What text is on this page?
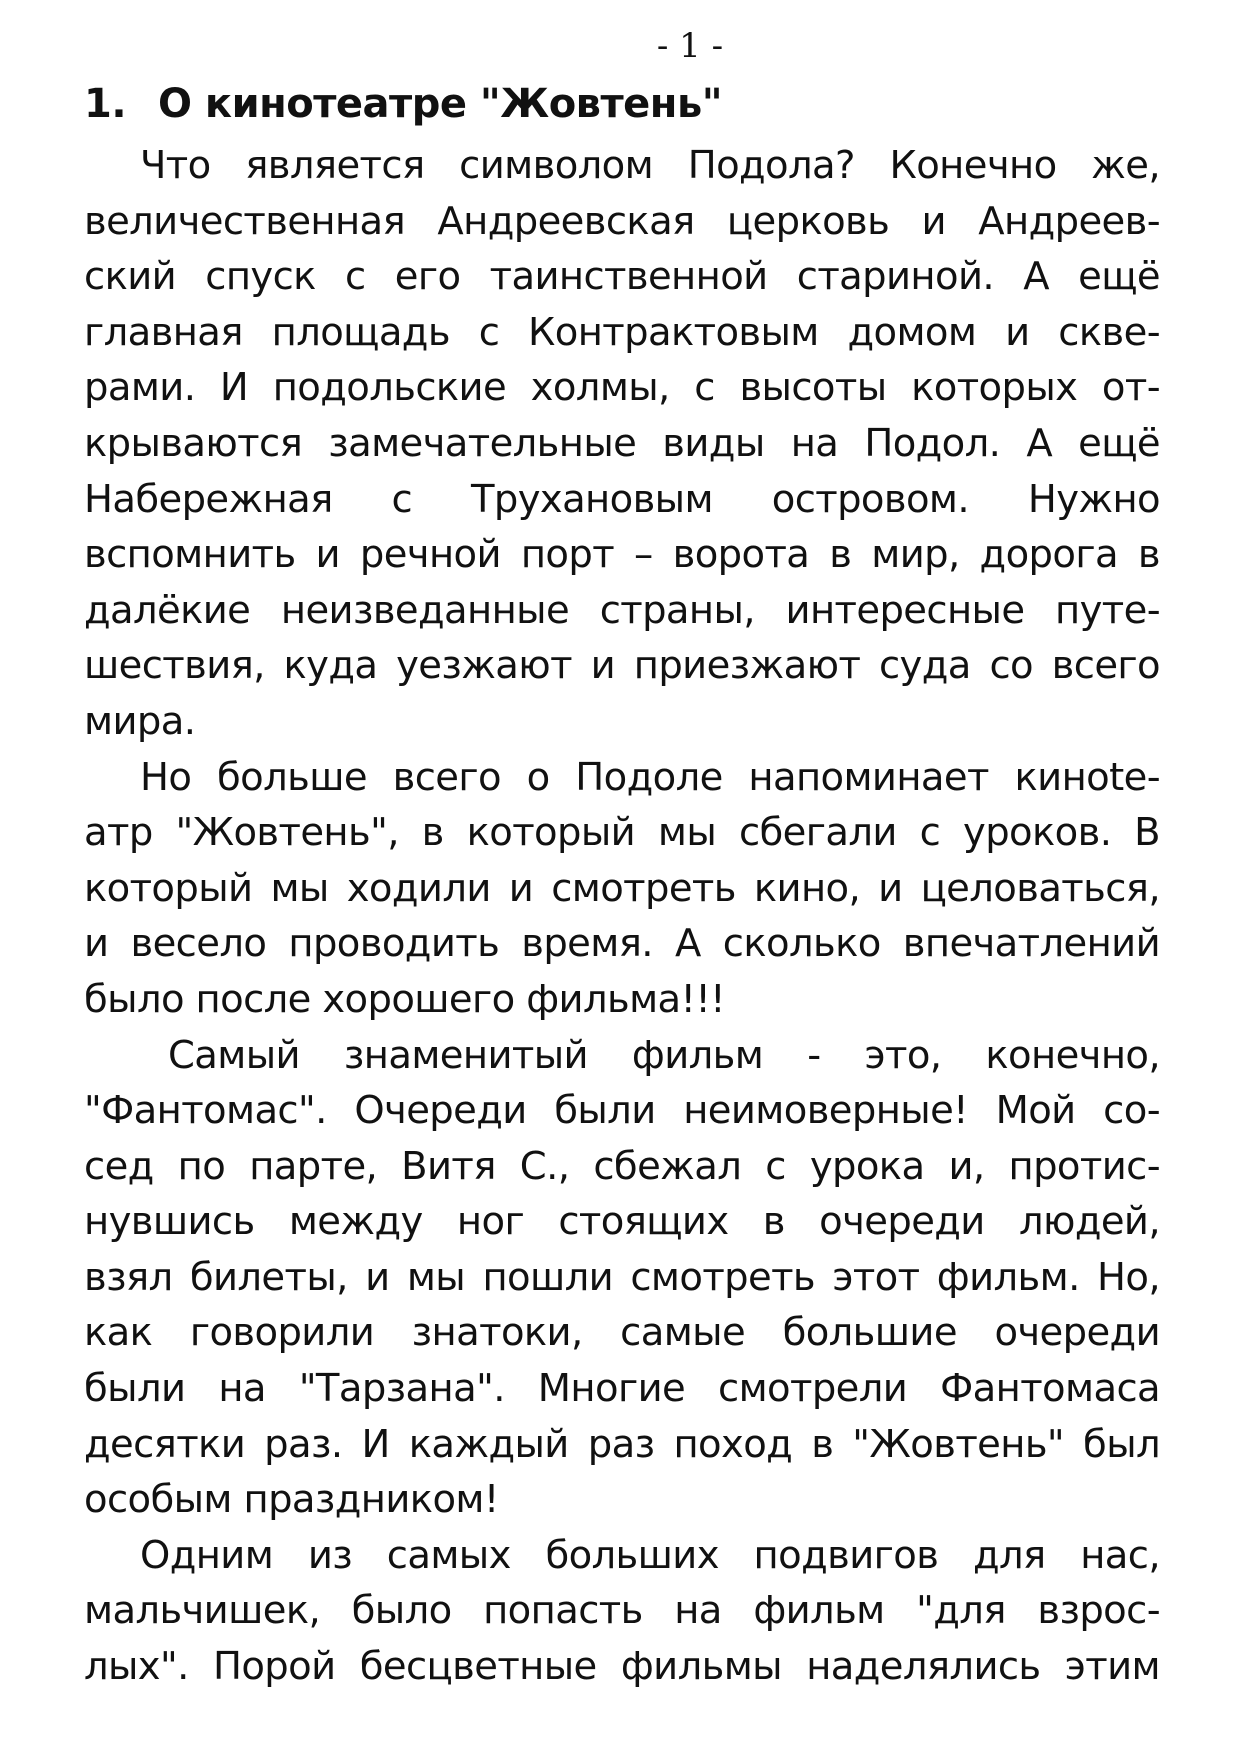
- 1 -
1. О кинотеатре "Жовтень"

Что является символом Подола? Конечно же,
величественная Андреевская церковь и Андреев-
ский спуск с его таинственной стариной. А ещё
главная площадь с Контрактовым домом и скве-
рами. И подольские холмы, с высоты которых от-
крываются замечательные виды на Подол. А ещё
Набережная с Трухановым островом. Нужно
вспомнить и речной порт – ворота в мир, дорога в
далёкие неизведанные страны, интересные путе-
шествия, куда уезжают и приезжают суда со всего
мира.

Но больше всего о Подоле напоминает кинote-
атр "Жовтень", в который мы сбегали с уроков. В
который мы ходили и смотреть кино, и целоваться,
и весело проводить время. А сколько впечатлений
было после хорошего фильма!!!

Самый знаменитый фильм - это, конечно,
"Фантомас". Очереди были неимоверные! Мой со-
сед по парте, Витя С., сбежал с урока и, протис-
нувшись между ног стоящих в очереди людей,
взял билеты, и мы пошли смотреть этот фильм. Но,
как говорили знатоки, самые большие очереди
были на "Тарзана". Многие смотрели Фантомаса
десятки раз. И каждый раз поход в "Жовтень" был
особым праздником!

Одним из самых больших подвигов для нас,
мальчишек, было попасть на фильм "для взрос-
лых". Порой бесцветные фильмы наделялись этим
